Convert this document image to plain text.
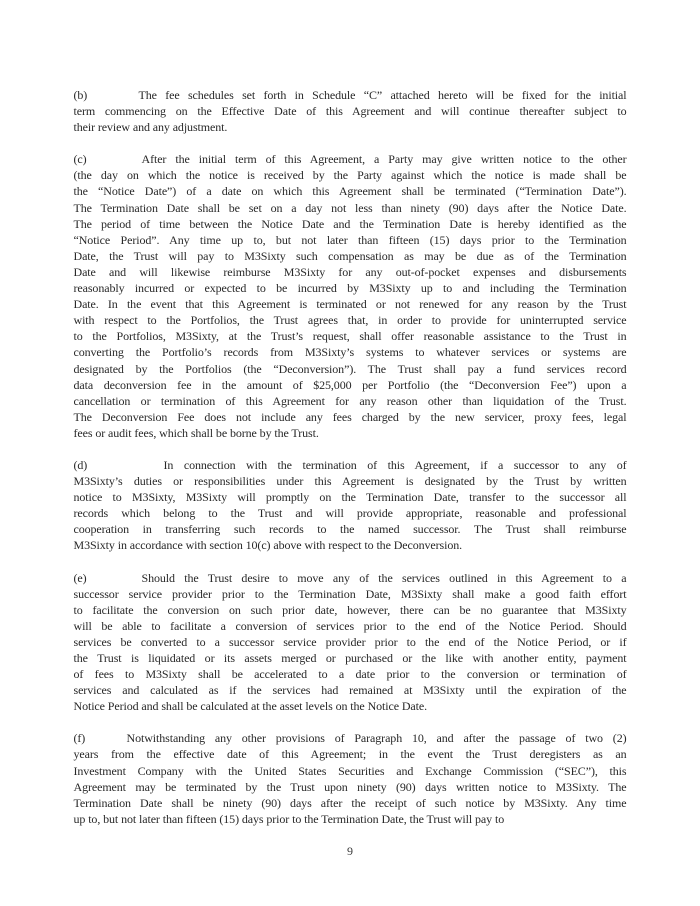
(b)	The fee schedules set forth in Schedule “C” attached hereto will be fixed for the initial
term commencing on the Effective Date of this Agreement and will continue thereafter subject to
their review and any adjustment.
(c)	After the initial term of this Agreement, a Party may give written notice to the other
(the day on which the notice is received by the Party against which the notice is made shall be
the “Notice Date”) of a date on which this Agreement shall be terminated (“Termination Date”).
The Termination Date shall be set on a day not less than ninety (90) days after the Notice Date.
The period of time between the Notice Date and the Termination Date is hereby identified as the
“Notice Period”. Any time up to, but not later than fifteen (15) days prior to the Termination
Date, the Trust will pay to M3Sixty such compensation as may be due as of the Termination
Date and will likewise reimburse M3Sixty for any out-of-pocket expenses and disbursements
reasonably incurred or expected to be incurred by M3Sixty up to and including the Termination
Date. In the event that this Agreement is terminated or not renewed for any reason by the Trust
with respect to the Portfolios, the Trust agrees that, in order to provide for uninterrupted service
to the Portfolios, M3Sixty, at the Trust’s request, shall offer reasonable assistance to the Trust in
converting the Portfolio’s records from M3Sixty’s systems to whatever services or systems are
designated by the Portfolios (the “Deconversion”). The Trust shall pay a fund services record
data deconversion fee in the amount of $25,000 per Portfolio (the “Deconversion Fee”) upon a
cancellation or termination of this Agreement for any reason other than liquidation of the Trust.
The Deconversion Fee does not include any fees charged by the new servicer, proxy fees, legal
fees or audit fees, which shall be borne by the Trust.
(d)	In connection with the termination of this Agreement, if a successor to any of
M3Sixty’s duties or responsibilities under this Agreement is designated by the Trust by written
notice to M3Sixty, M3Sixty will promptly on the Termination Date, transfer to the successor all
records which belong to the Trust and will provide appropriate, reasonable and professional
cooperation in transferring such records to the named successor. The Trust shall reimburse
M3Sixty in accordance with section 10(c) above with respect to the Deconversion.
(e)	Should the Trust desire to move any of the services outlined in this Agreement to a
successor service provider prior to the Termination Date, M3Sixty shall make a good faith effort
to facilitate the conversion on such prior date, however, there can be no guarantee that M3Sixty
will be able to facilitate a conversion of services prior to the end of the Notice Period. Should
services be converted to a successor service provider prior to the end of the Notice Period, or if
the Trust is liquidated or its assets merged or purchased or the like with another entity, payment
of fees to M3Sixty shall be accelerated to a date prior to the conversion or termination of
services and calculated as if the services had remained at M3Sixty until the expiration of the
Notice Period and shall be calculated at the asset levels on the Notice Date.
(f)	Notwithstanding any other provisions of Paragraph 10, and after the passage of two (2)
years from the effective date of this Agreement; in the event the Trust deregisters as an
Investment Company with the United States Securities and Exchange Commission (“SEC”), this
Agreement may be terminated by the Trust upon ninety (90) days written notice to M3Sixty. The
Termination Date shall be ninety (90) days after the receipt of such notice by M3Sixty. Any time
up to, but not later than fifteen (15) days prior to the Termination Date, the Trust will pay to
9
